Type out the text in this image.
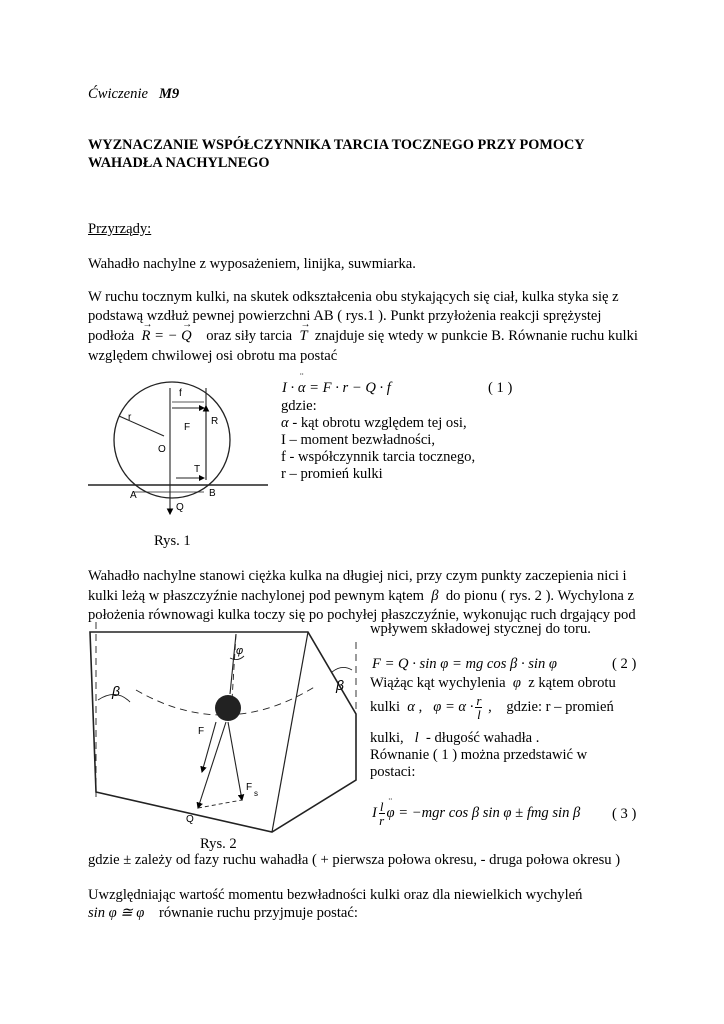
Ćwiczenie M9
WYZNACZANIE WSPÓŁCZYNNIKA TARCIA TOCZNEGO PRZY POMOCY
WAHADŁA NACHYLNEGO
Przyrządy:
Wahadło nachylne z wyposażeniem, linijka, suwmiarka.
W ruchu tocznym kulki, na skutek odkształcenia obu stykających się ciał, kulka styka się z
podstawą wzdłuż pewnej powierzchni AB ( rys.1 ). Punkt przyłożenia reakcji sprężystej
podłoża → R = − → Q oraz siły tarcia → T znajduje się wtedy w punkcie B. Równanie ruchu kulki
względem chwilowej osi obrotu ma postać
I · α
¨
= F · r − Q · f	( 1 )
gdzie:
α - kąt obrotu względem tej osi,
I – moment bezwładności,
f - współczynnik tarcia tocznego,
r – promień kulki
r
f
F
R
O
T
A	B
Q
Rys. 1
Wahadło nachylne stanowi ciężka kulka na długiej nici, przy czym punkty zaczepienia nici i
kulki leżą w płaszczyźnie nachylonej pod pewnym kątem  β  do pionu ( rys. 2 ). Wychylona z
położenia równowagi kulka toczy się po pochyłej płaszczyźnie, wykonując ruch drgający pod
wpływem składowej stycznej do toru.
β	β
φ
F
F
s
Q
F = Q · sin φ = mg cos β · sin φ	( 2 )
Wiążąc kąt wychylenia  φ  z kątem obrotu
kulki  α ,   $\varphi = \alpha \cdot \frac{r}{l}$ ,    gdzie: r – promień
kulki,   l  - długość wahadła .
Równanie ( 1 ) można przedstawić w
postaci:
I $\frac{l}{r}$ φ
¨
= −mgr cos β sin φ ± fmg sin β ( 3 )
Rys. 2
gdzie ± zależy od fazy ruchu wahadła ( + pierwsza połowa okresu, - druga połowa okresu )
Uwzględniając wartość momentu bezwładności kulki oraz dla niewielkich wychyleń
sin φ ≅ φ równanie ruchu przyjmuje postać:
